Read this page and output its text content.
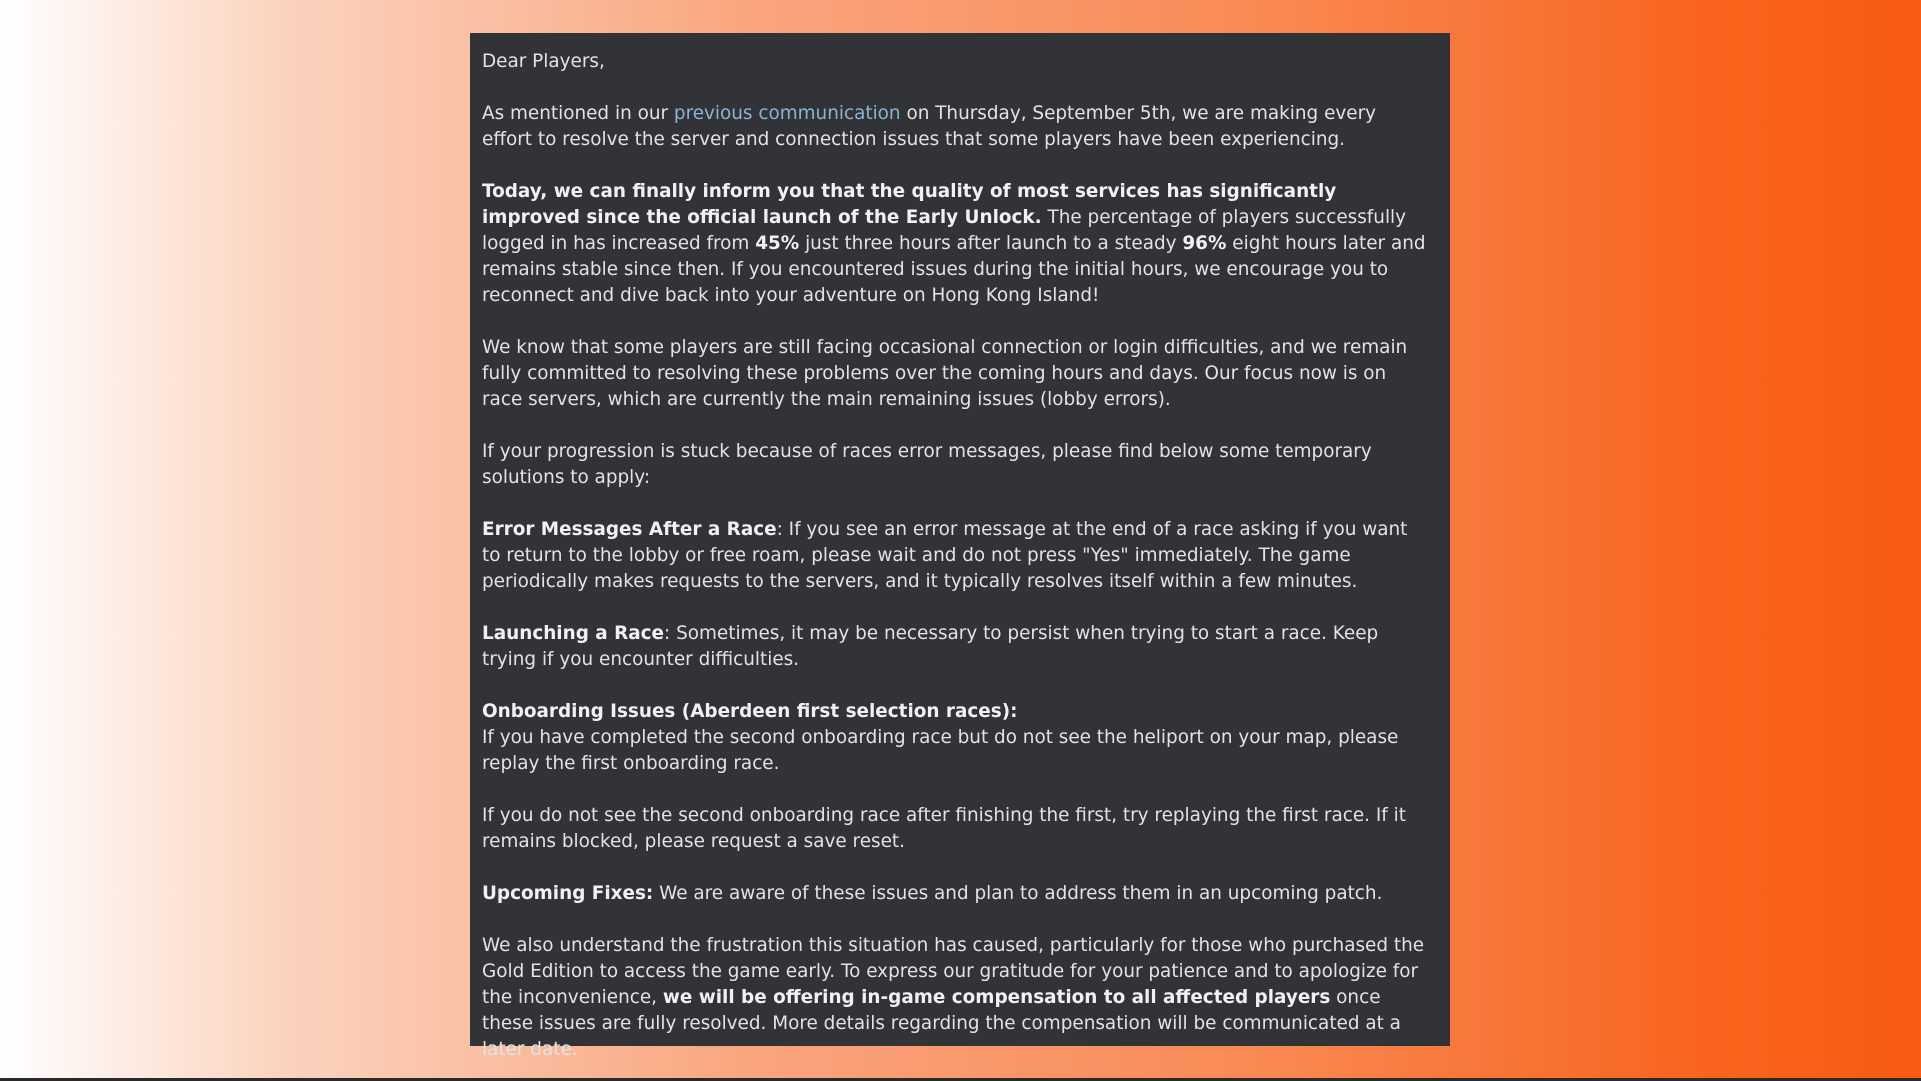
Dear Players,

As mentioned in our previous communication on Thursday, September 5th, we are making every effort to resolve the server and connection issues that some players have been experiencing.

Today, we can finally inform you that the quality of most services has significantly improved since the official launch of the Early Unlock. The percentage of players successfully logged in has increased from 45% just three hours after launch to a steady 96% eight hours later and remains stable since then. If you encountered issues during the initial hours, we encourage you to reconnect and dive back into your adventure on Hong Kong Island!

We know that some players are still facing occasional connection or login difficulties, and we remain fully committed to resolving these problems over the coming hours and days. Our focus now is on race servers, which are currently the main remaining issues (lobby errors).

If your progression is stuck because of races error messages, please find below some temporary solutions to apply:

Error Messages After a Race: If you see an error message at the end of a race asking if you want to return to the lobby or free roam, please wait and do not press "Yes" immediately. The game periodically makes requests to the servers, and it typically resolves itself within a few minutes.

Launching a Race: Sometimes, it may be necessary to persist when trying to start a race. Keep trying if you encounter difficulties.

Onboarding Issues (Aberdeen first selection races):
If you have completed the second onboarding race but do not see the heliport on your map, please replay the first onboarding race.

If you do not see the second onboarding race after finishing the first, try replaying the first race. If it remains blocked, please request a save reset.

Upcoming Fixes: We are aware of these issues and plan to address them in an upcoming patch.

We also understand the frustration this situation has caused, particularly for those who purchased the Gold Edition to access the game early. To express our gratitude for your patience and to apologize for the inconvenience, we will be offering in-game compensation to all affected players once these issues are fully resolved. More details regarding the compensation will be communicated at a later date.
